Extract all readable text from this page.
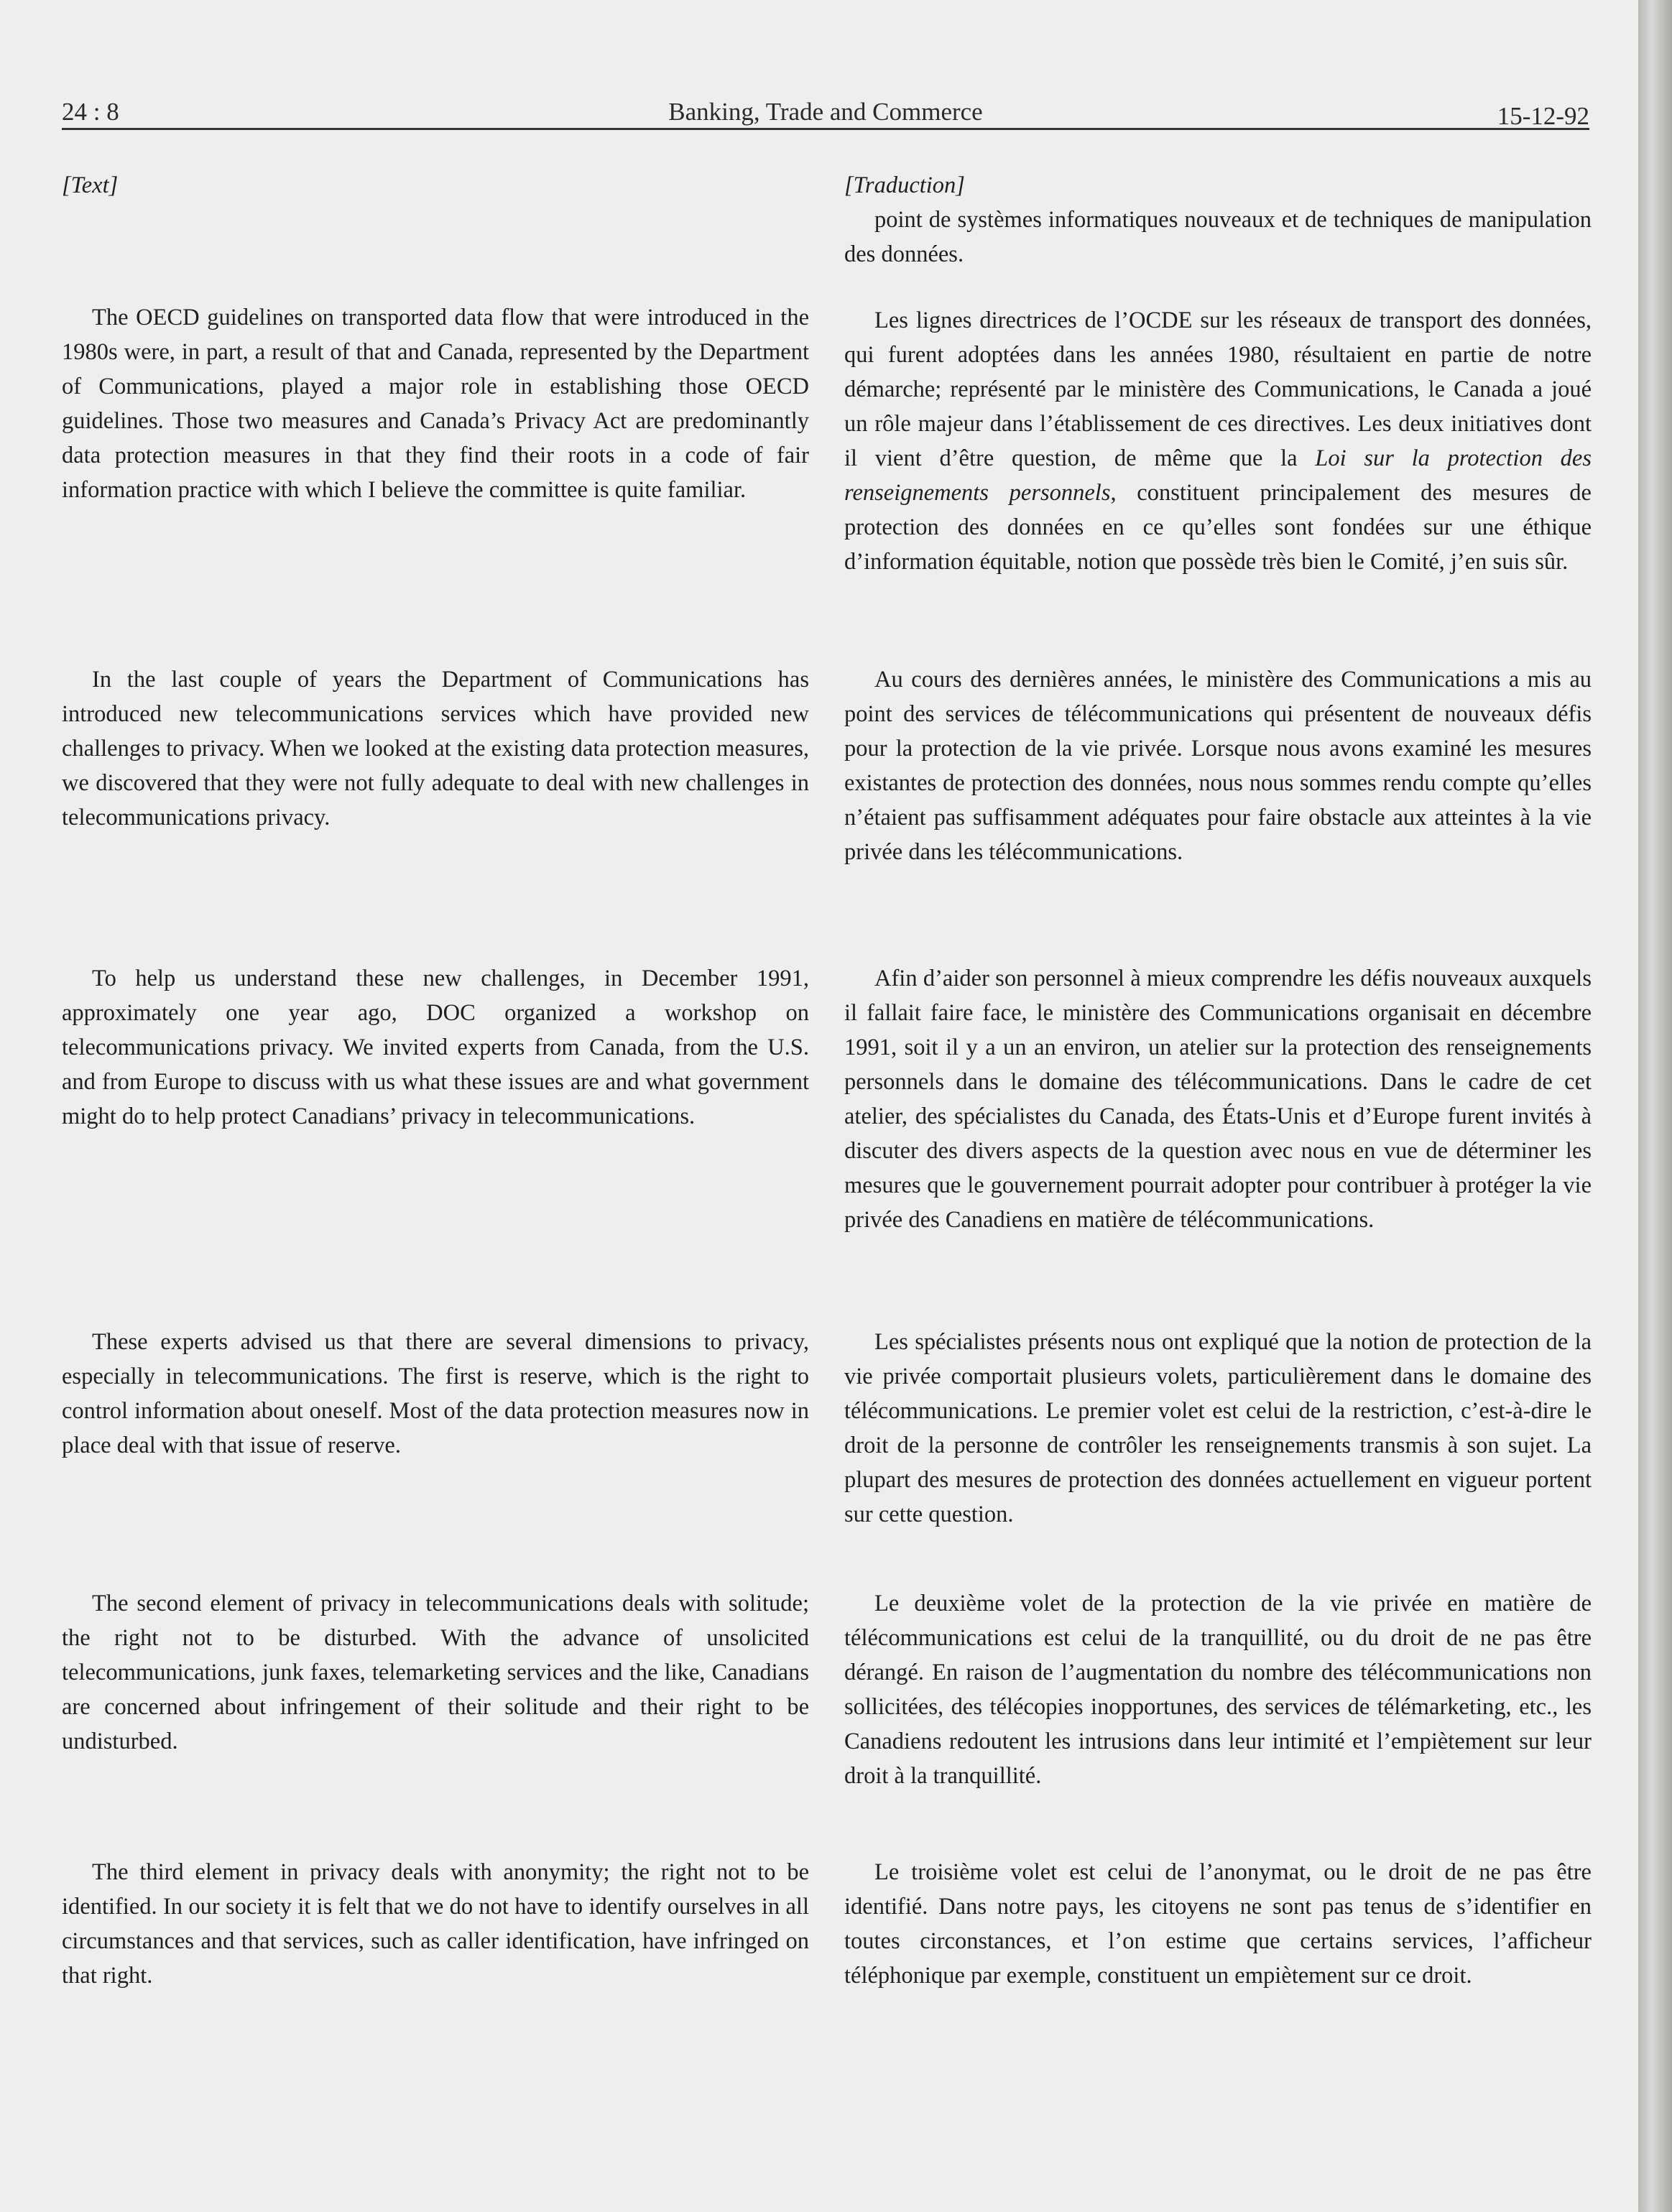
24 : 8	Banking, Trade and Commerce	15-12-92

[Text]

The OECD guidelines on transported data flow that were introduced in the 1980s were, in part, a result of that and Canada, represented by the Department of Communications, played a major role in establishing those OECD guidelines. Those two measures and Canada’s Privacy Act are predominantly data protection measures in that they find their roots in a code of fair information practice with which I believe the committee is quite familiar.

In the last couple of years the Department of Communications has introduced new telecommunications services which have provided new challenges to privacy. When we looked at the existing data protection measures, we discovered that they were not fully adequate to deal with new challenges in telecommunications privacy.

To help us understand these new challenges, in December 1991, approximately one year ago, DOC organized a workshop on telecommunications privacy. We invited experts from Canada, from the U.S. and from Europe to discuss with us what these issues are and what government might do to help protect Canadians’ privacy in telecommunications.

These experts advised us that there are several dimensions to privacy, especially in telecommunications. The first is reserve, which is the right to control information about oneself. Most of the data protection measures now in place deal with that issue of reserve.

The second element of privacy in telecommunications deals with solitude; the right not to be disturbed. With the advance of unsolicited telecommunications, junk faxes, telemarketing services and the like, Canadians are concerned about infringement of their solitude and their right to be undisturbed.

The third element in privacy deals with anonymity; the right not to be identified. In our society it is felt that we do not have to identify ourselves in all circumstances and that services, such as caller identification, have infringed on that right.

[Traduction]

point de systèmes informatiques nouveaux et de techniques de manipulation des données.

Les lignes directrices de l’OCDE sur les réseaux de transport des données, qui furent adoptées dans les années 1980, résultaient en partie de notre démarche; représenté par le ministère des Communications, le Canada a joué un rôle majeur dans l’établissement de ces directives. Les deux initiatives dont il vient d’être question, de même que la Loi sur la protection des renseignements personnels, constituent principalement des mesures de protection des données en ce qu’elles sont fondées sur une éthique d’information équitable, notion que possède très bien le Comité, j’en suis sûr.

Au cours des dernières années, le ministère des Communications a mis au point des services de télécommunications qui présentent de nouveaux défis pour la protection de la vie privée. Lorsque nous avons examiné les mesures existantes de protection des données, nous nous sommes rendu compte qu’elles n’étaient pas suffisamment adéquates pour faire obstacle aux atteintes à la vie privée dans les télécommunications.

Afin d’aider son personnel à mieux comprendre les défis nouveaux auxquels il fallait faire face, le ministère des Communications organisait en décembre 1991, soit il y a un an environ, un atelier sur la protection des renseignements personnels dans le domaine des télécommunications. Dans le cadre de cet atelier, des spécialistes du Canada, des États-Unis et d’Europe furent invités à discuter des divers aspects de la question avec nous en vue de déterminer les mesures que le gouvernement pourrait adopter pour contribuer à protéger la vie privée des Canadiens en matière de télécommunications.

Les spécialistes présents nous ont expliqué que la notion de protection de la vie privée comportait plusieurs volets, particulièrement dans le domaine des télécommunications. Le premier volet est celui de la restriction, c’est-à-dire le droit de la personne de contrôler les renseignements transmis à son sujet. La plupart des mesures de protection des données actuellement en vigueur portent sur cette question.

Le deuxième volet de la protection de la vie privée en matière de télécommunications est celui de la tranquillité, ou du droit de ne pas être dérangé. En raison de l’augmentation du nombre des télécommunications non sollicitées, des télécopies inopportunes, des services de télémarketing, etc., les Canadiens redoutent les intrusions dans leur intimité et l’empiètement sur leur droit à la tranquillité.

Le troisième volet est celui de l’anonymat, ou le droit de ne pas être identifié. Dans notre pays, les citoyens ne sont pas tenus de s’identifier en toutes circonstances, et l’on estime que certains services, l’afficheur téléphonique par exemple, constituent un empiètement sur ce droit.
